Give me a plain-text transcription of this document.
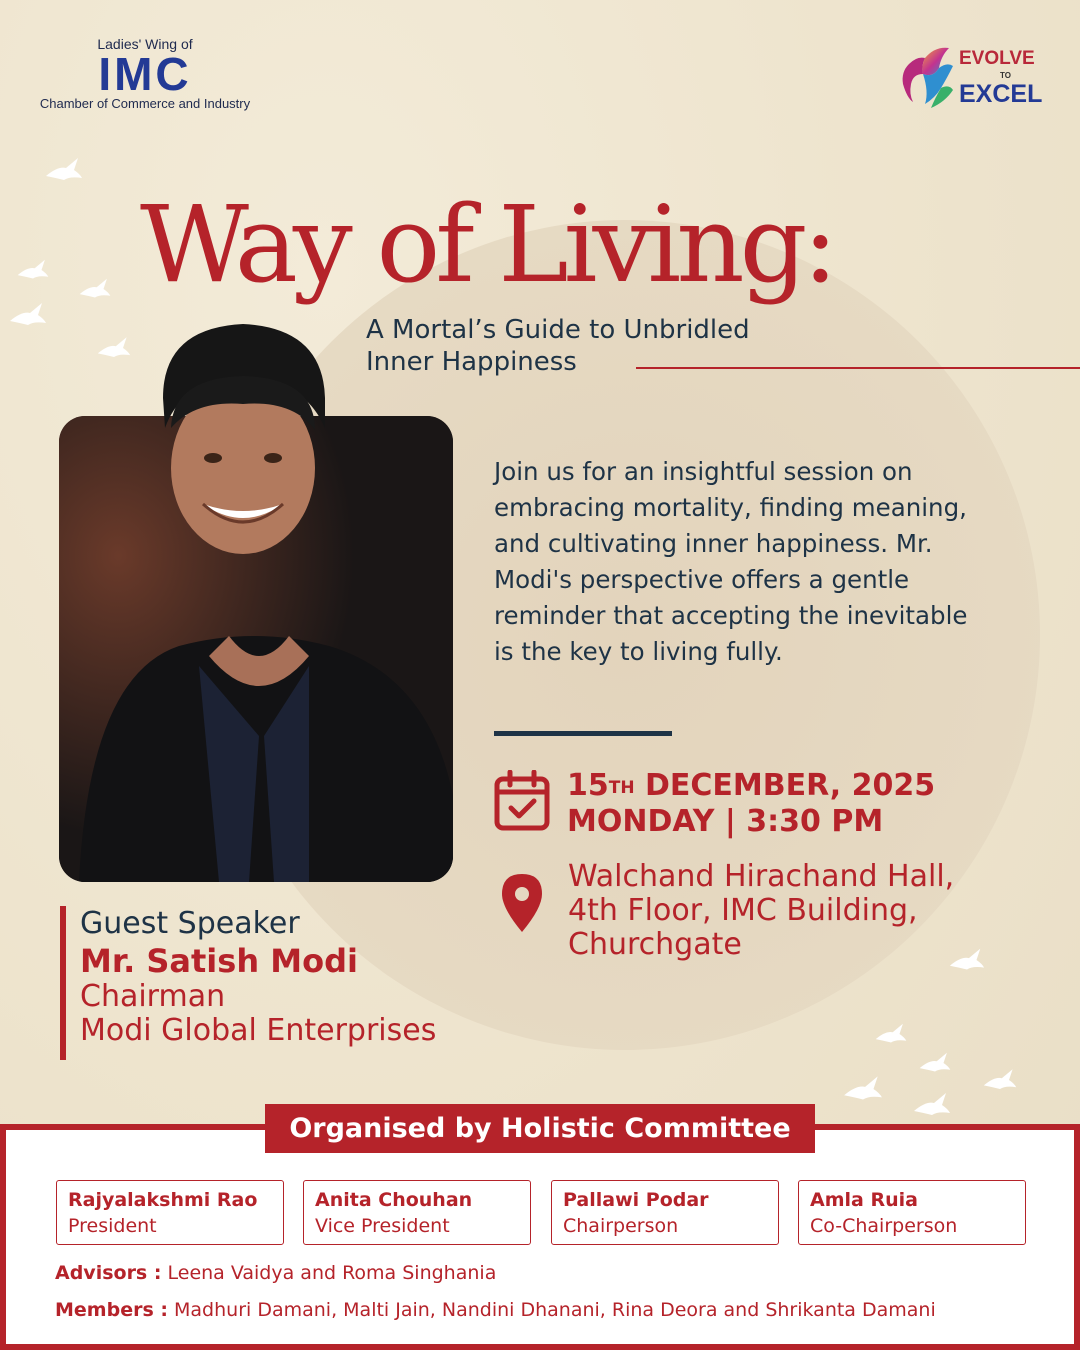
Ladies' Wing of
IMC
Chamber of Commerce and Industry
EVOLVE
TO
EXCEL
Way of Living:
A Mortal’s Guide to Unbridled
Inner Happiness
Join us for an insightful session on embracing mortality, finding meaning, and cultivating inner happiness. Mr. Modi's perspective offers a gentle reminder that accepting the inevitable is the key to living fully.
15TH DECEMBER, 2025
MONDAY | 3:30 PM
Walchand Hirachand Hall,
4th Floor, IMC Building,
Churchgate
Guest Speaker
Mr. Satish Modi
Chairman
Modi Global Enterprises
Organised by Holistic Committee
Rajyalakshmi Rao
President
Anita Chouhan
Vice President
Pallawi Podar
Chairperson
Amla Ruia
Co-Chairperson
Advisors : Leena Vaidya and Roma Singhania
Members : Madhuri Damani, Malti Jain, Nandini Dhanani, Rina Deora and Shrikanta Damani
